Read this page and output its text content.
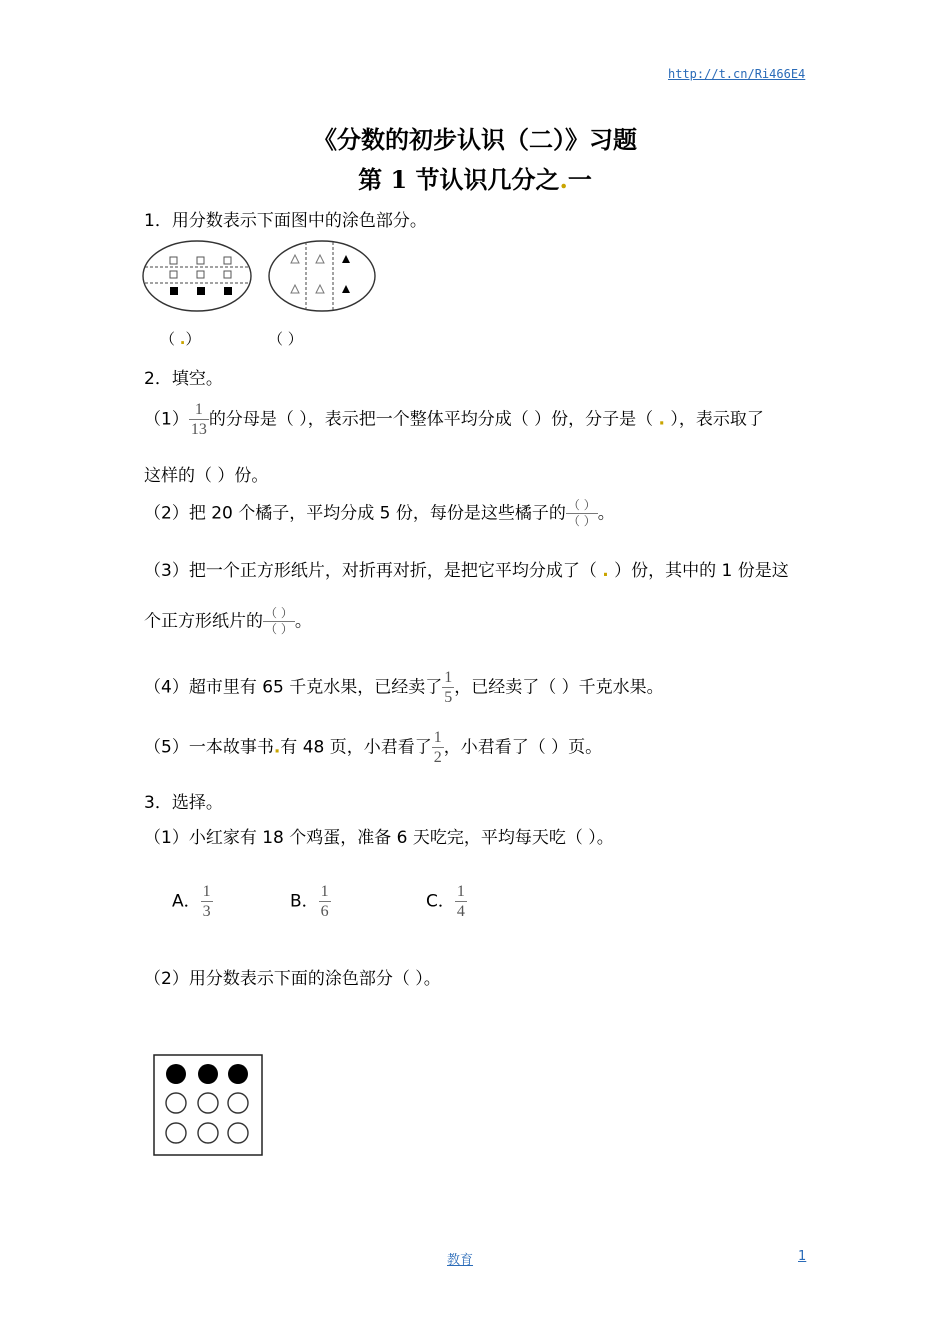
http://t.cn/Ri466E4
《分数的初步认识（二）》习题
第 1 节认识几分之.一
1．用分数表示下面图中的涂色部分。
（ .）	（ ）
2．填空。
$(1) \frac{1}{13}$ 的分母是（ ），表示把一个整体平均分成（ ）份，分子是（ . ），表示取了
这样的（ ）份。
（2）把 20 个橘子，平均分成 5 份，每份是这些橘子的 $\frac{( )}{( )}$ 。
（3）把一个正方形纸片，对折再对折，是把它平均分成了（ . ）份，其中的 1 份是这
个正方形纸片的 $\frac{( )}{( )}$ 。
（4）超市里有 65 千克水果，已经卖了 $\frac{1}{5}$ ，已经卖了（ ）千克水果。
（5）一本故事书.有 48 页，小君看了 $\frac{1}{2}$ ，小君看了（ ）页。
3．选择。
（1）小红家有 18 个鸡蛋，准备 6 天吃完，平均每天吃（ ）。
A． $\frac{1}{3}$	B． $\frac{1}{6}$	C． $\frac{1}{4}$
（2）用分数表示下面的涂色部分（ ）。
教育	1
